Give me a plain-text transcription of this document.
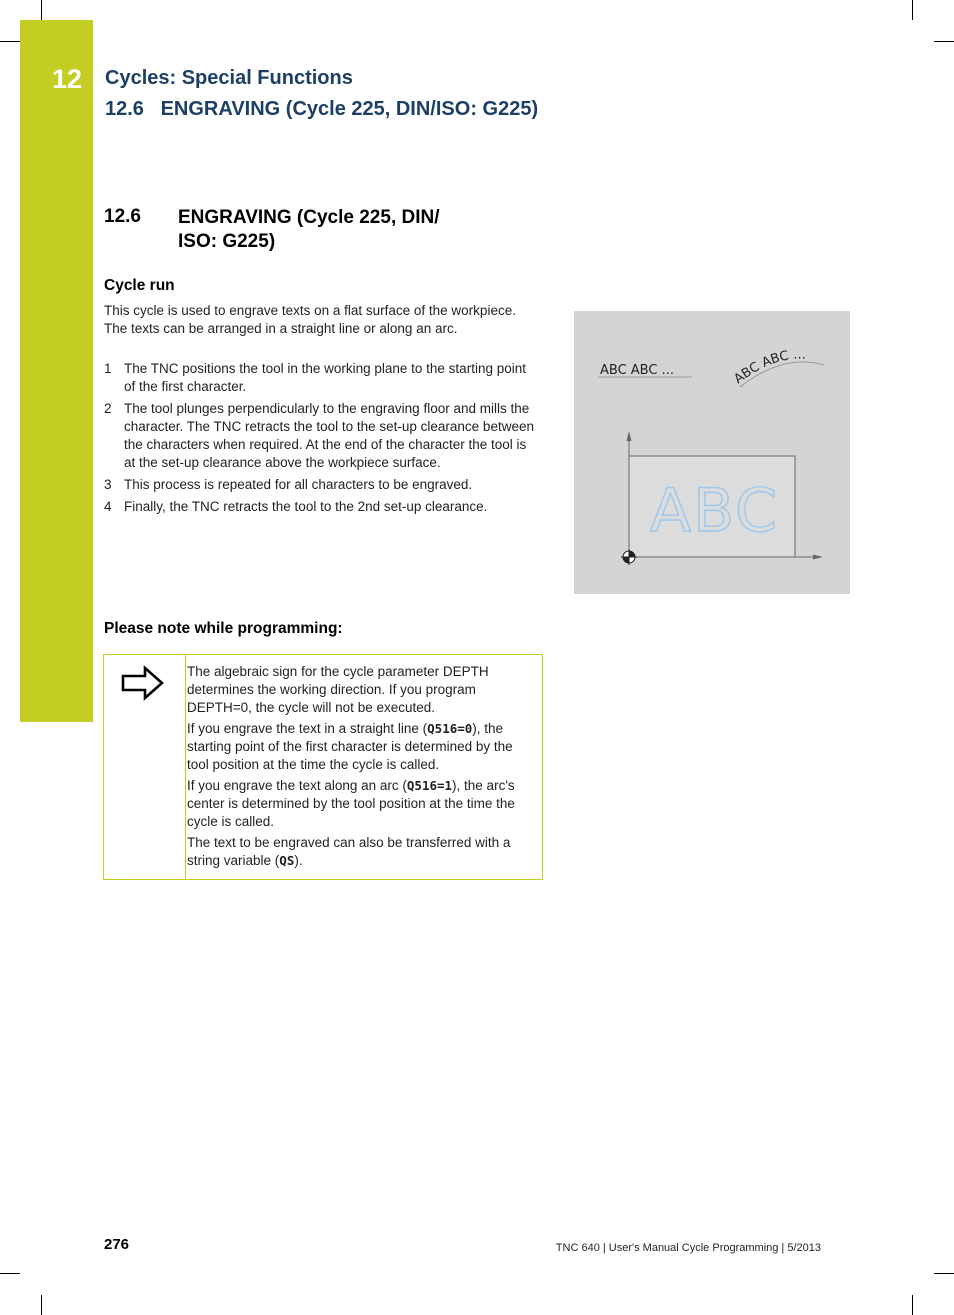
12 Cycles: Special Functions
12.6   ENGRAVING (Cycle 225, DIN/ISO: G225)
12.6	ENGRAVING (Cycle 225, DIN/
ISO: G225)
Cycle run
This cycle is used to engrave texts on a flat surface of the workpiece. The texts can be arranged in a straight line or along an arc.
1 The TNC positions the tool in the working plane to the starting point of the first character.
2 The tool plunges perpendicularly to the engraving floor and mills the character. The TNC retracts the tool to the set-up clearance between the characters when required. At the end of the character the tool is at the set-up clearance above the workpiece surface.
3 This process is repeated for all characters to be engraved.
4 Finally, the TNC retracts the tool to the 2nd set-up clearance.
ABC ABC ...	ABC ABC ...
ABC
Please note while programming:

The algebraic sign for the cycle parameter DEPTH determines the working direction. If you program DEPTH=0, the cycle will not be executed.

If you engrave the text in a straight line (Q516=0), the starting point of the first character is determined by the tool position at the time the cycle is called.

If you engrave the text along an arc (Q516=1), the arc's center is determined by the tool position at the time the cycle is called.

The text to be engraved can also be transferred with a string variable (QS).

276	TNC 640 | User's Manual Cycle Programming | 5/2013
